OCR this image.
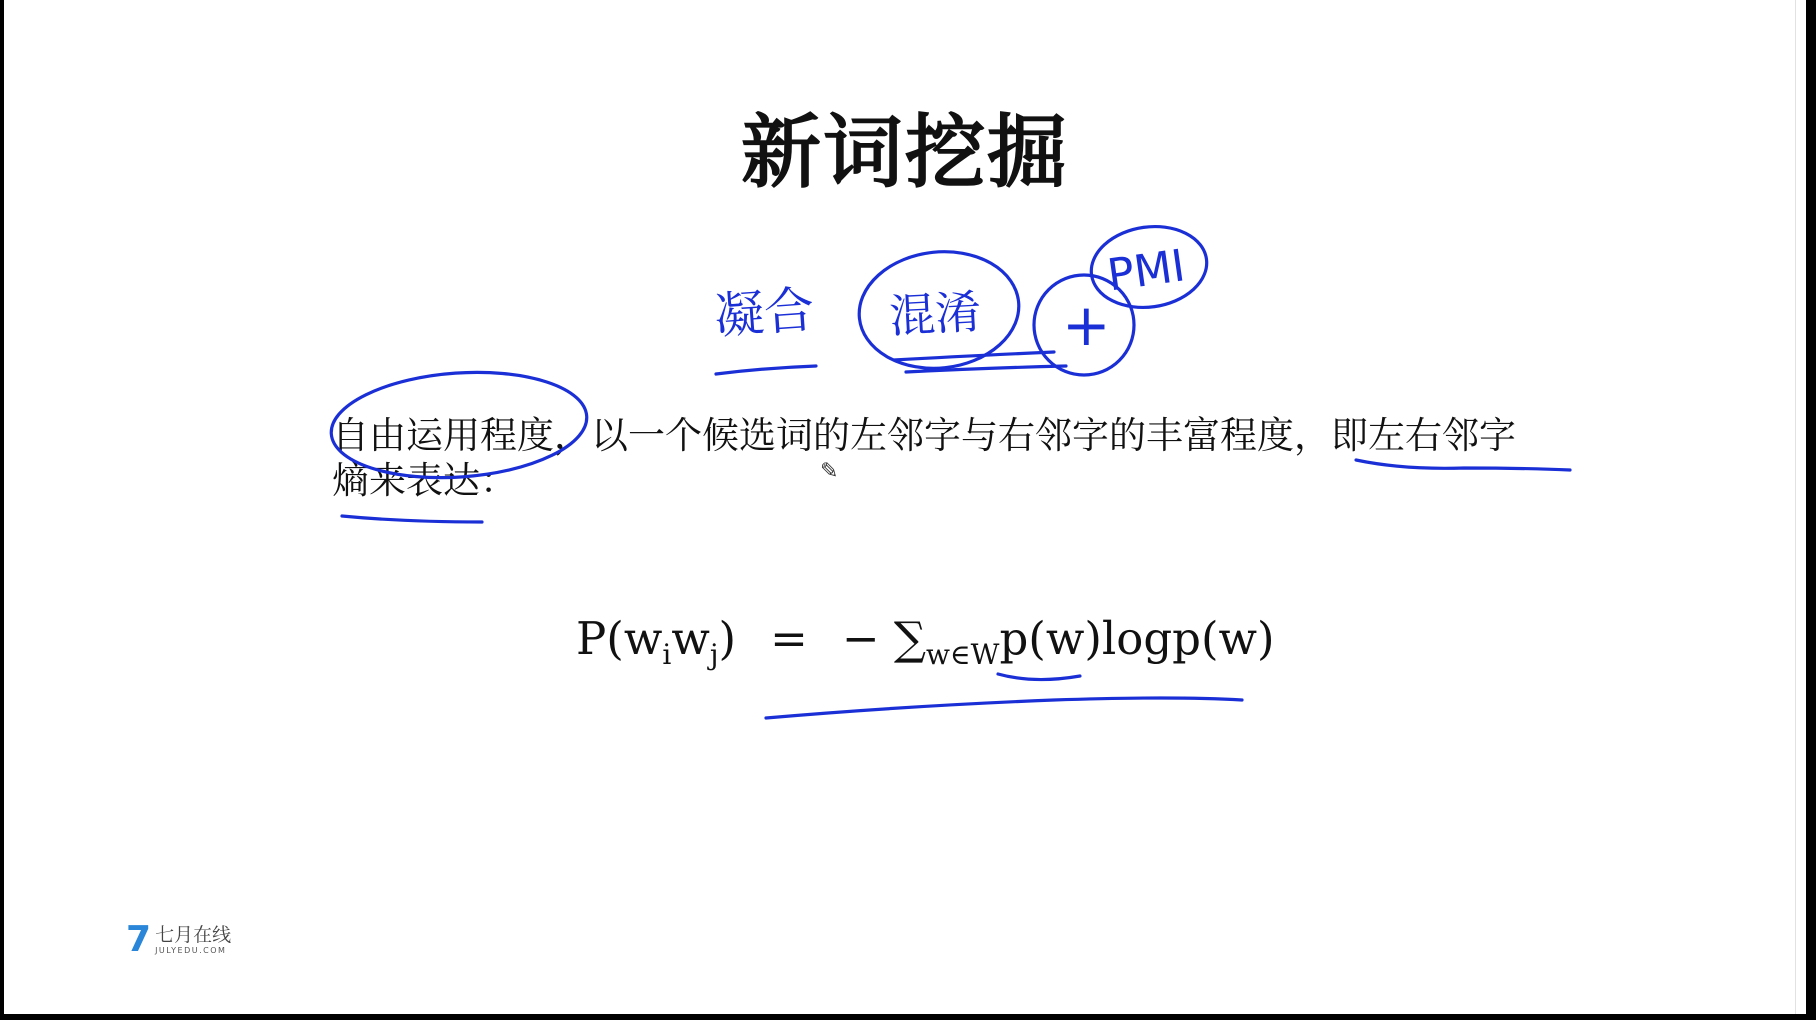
新词挖掘
自由运用程度，以一个候选词的左邻字与右邻字的丰富程度，即左右邻字
熵来表达：
$P(w_iw_j)$ = − $\sum_{w\in W}p(w)\log p(w)$
凝合 混淆 +
PMI
✎
7 七月在线
JULYEDU.COM
